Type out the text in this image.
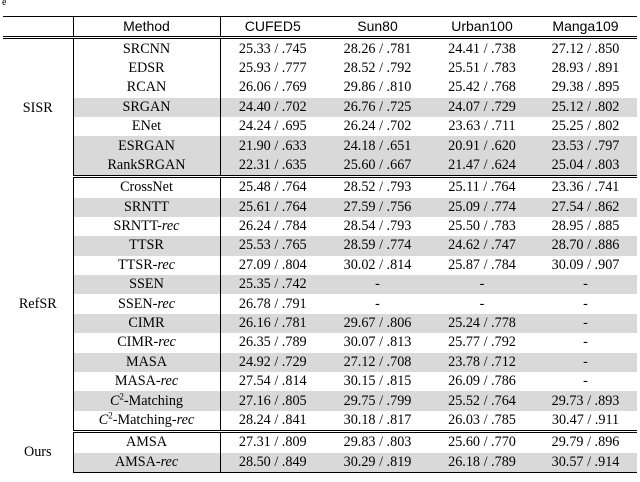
e
	Method	CUFED5	Sun80	Urban100	Manga109
SISR	SRCNN	25.33 / .745	28.26 / .781	24.41 / .738	27.12 / .850
	EDSR	25.93 / .777	28.52 / .792	25.51 / .783	28.93 / .891
	RCAN	26.06 / .769	29.86 / .810	25.42 / .768	29.38 / .895
	SRGAN	24.40 / .702	26.76 / .725	24.07 / .729	25.12 / .802
	ENet	24.24 / .695	26.24 / .702	23.63 / .711	25.25 / .802
	ESRGAN	21.90 / .633	24.18 / .651	20.91 / .620	23.53 / .797
	RankSRGAN	22.31 / .635	25.60 / .667	21.47 / .624	25.04 / .803
RefSR	CrossNet	25.48 / .764	28.52 / .793	25.11 / .764	23.36 / .741
	SRNTT	25.61 / .764	27.59 / .756	25.09 / .774	27.54 / .862
	SRNTT-rec	26.24 / .784	28.54 / .793	25.50 / .783	28.95 / .885
	TTSR	25.53 / .765	28.59 / .774	24.62 / .747	28.70 / .886
	TTSR-rec	27.09 / .804	30.02 / .814	25.87 / .784	30.09 / .907
	SSEN	25.35 / .742	-	-	-
	SSEN-rec	26.78 / .791	-	-	-
	CIMR	26.16 / .781	29.67 / .806	25.24 / .778	-
	CIMR-rec	26.35 / .789	30.07 / .813	25.77 / .792	-
	MASA	24.92 / .729	27.12 / .708	23.78 / .712	-
	MASA-rec	27.54 / .814	30.15 / .815	26.09 / .786	-
	$C^2$-Matching	27.16 / .805	29.75 / .799	25.52 / .764	29.73 / .893
	$C^2-Matching$-rec	28.24 / .841	30.18 / .817	26.03 / .785	30.47 / .911
Ours	AMSA	27.31 / .809	29.83 / .803	25.60 / .770	29.79 / .896
	AMSA-rec	28.50 / .849	30.29 / .819	26.18 / .789	30.57 / .914
